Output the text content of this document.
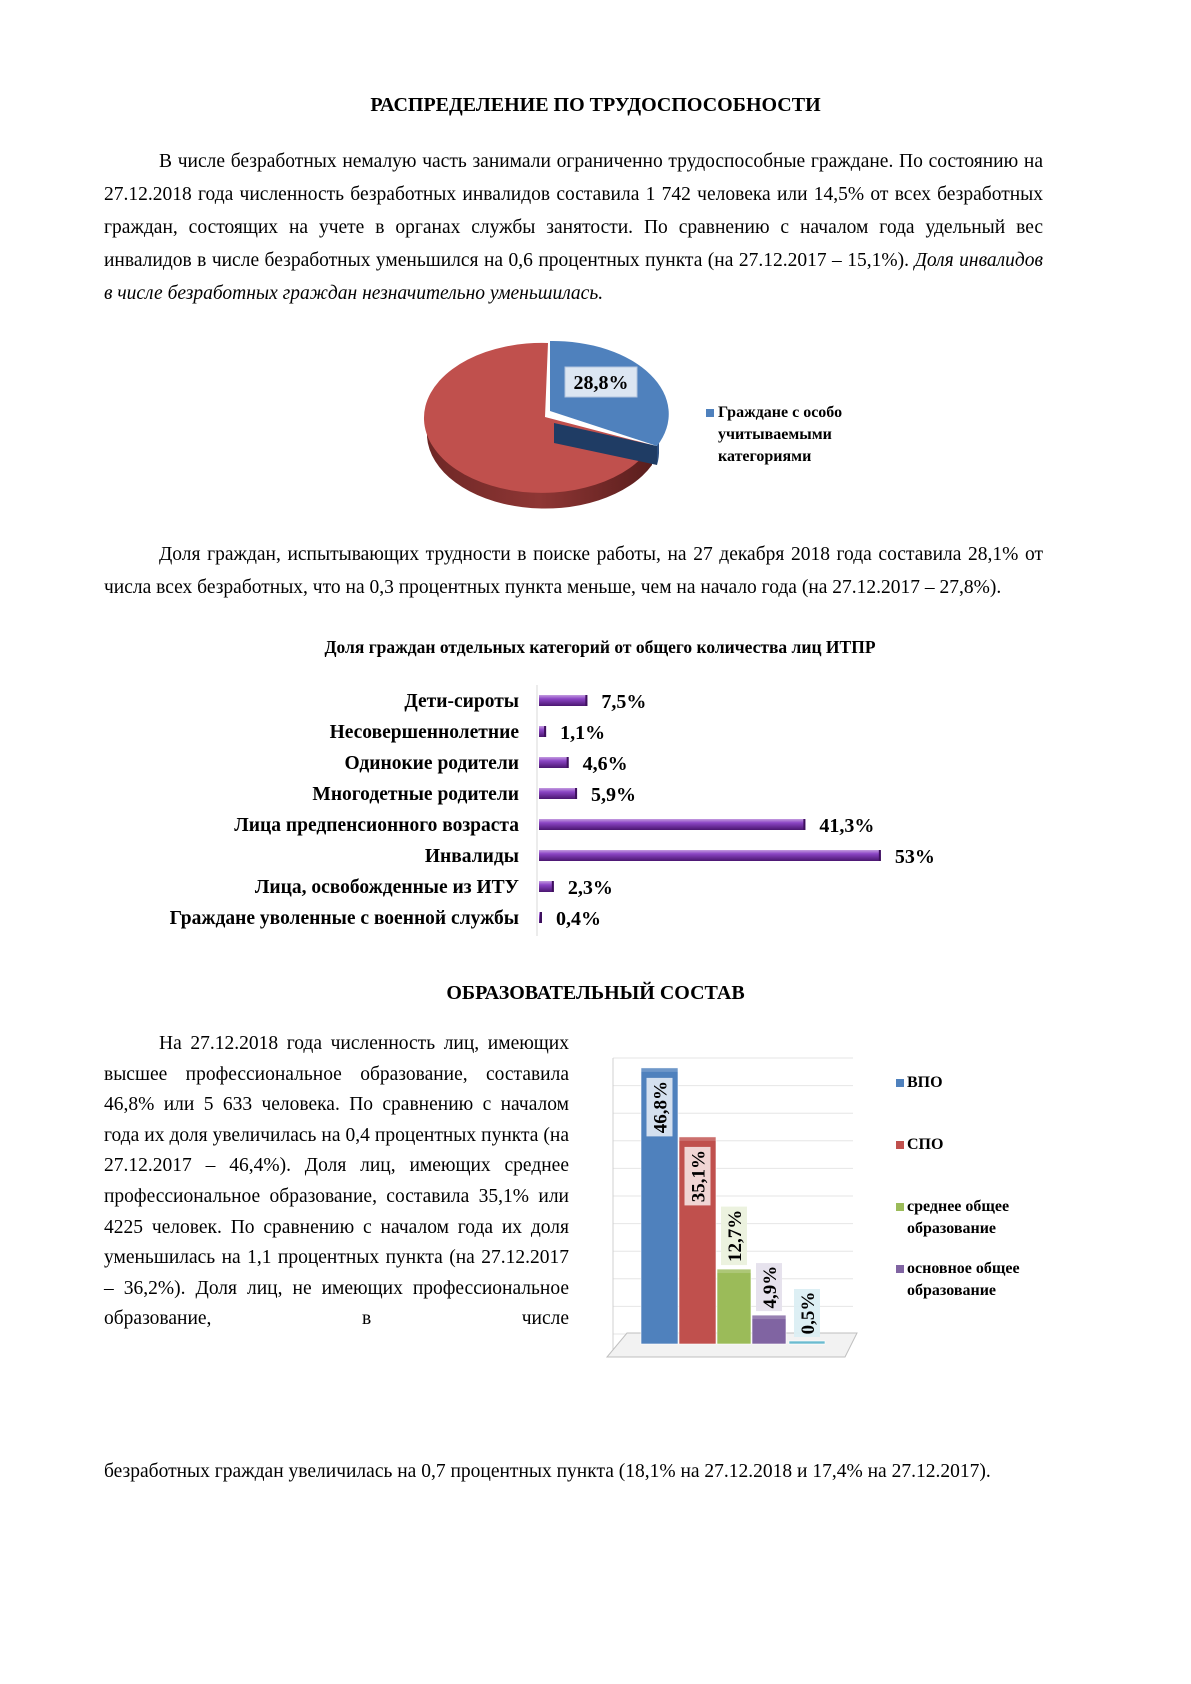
РАСПРЕДЕЛЕНИЕ ПО ТРУДОСПОСОБНОСТИ

В числе безработных немалую часть занимали ограниченно трудоспособные граждане. По состоянию на 27.12.2018 года численность безработных инвалидов составила 1 742 человека или 14,5% от всех безработных граждан, состоящих на учете в органах службы занятости. По сравнению с началом года удельный вес инвалидов в числе безработных уменьшился на 0,6 процентных пункта (на 27.12.2017 – 15,1%). Доля инвалидов в числе безработных граждан незначительно уменьшилась.

28,8%
Граждане с особо учитываемыми категориями

Доля граждан, испытывающих трудности в поиске работы, на 27 декабря 2018 года составила 28,1% от числа всех безработных, что на 0,3 процентных пункта меньше, чем на начало года (на 27.12.2017 – 27,8%).

Доля граждан отдельных категорий от общего количества лиц ИТПР
Дети-сироты	7,5%
Несовершеннолетние 1,1%
Одинокие родители	4,6%
Многодетные родители	5,9%
Лица предпенсионного возраста	41,3%
Инвалиды	53%
Лица, освобожденные из ИТУ 2,3%
Граждане уволенные с военной службы 0,4%
ОБРАЗОВАТЕЛЬНЫЙ СОСТАВ

На 27.12.2018 года численность лиц, имеющих высшее профессиональное образование, составила 46,8% или 5 633 человека. По сравнению с началом года их доля увеличилась на 0,4 процентных пункта (на 27.12.2017 – 46,4%). Доля лиц, имеющих среднее профессиональное образование, составила 35,1% или 4225 человек. По сравнению с началом года их доля уменьшилась на 1,1 процентных пункта (на 27.12.2017 – 36,2%). Доля лиц, не имеющих профессиональное образование, в числе

безработных граждан увеличилась на 0,7 процентных пункта (18,1% на 27.12.2018 и 17,4% на 27.12.2017).

46,8%
35,1%
12,7%
4,9%
0,5%
ВПО
СПО
среднее общее образование
основное общее образование
